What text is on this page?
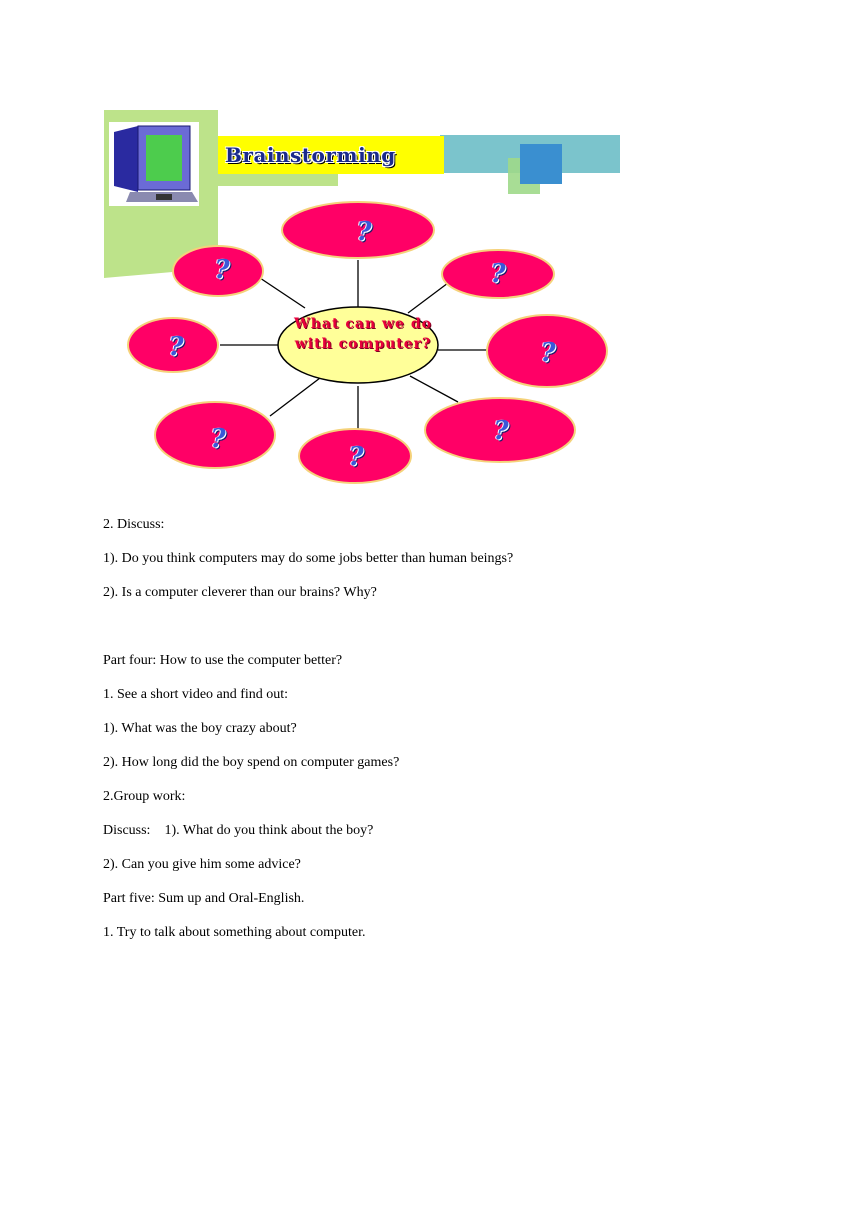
Brainstorming
What can we do
with computer?
?
?	?
?	?
?
?
?
2. Discuss:
1). Do you think computers may do some jobs better than human beings?
2). Is a computer cleverer than our brains? Why?
Part four: How to use the computer better?
1. See a short video and find out:
1). What was the boy crazy about?
2). How long did the boy spend on computer games?
2.Group work:
Discuss:    1). What do you think about the boy?
2). Can you give him some advice?
Part five: Sum up and Oral-English.
1. Try to talk about something about computer.
